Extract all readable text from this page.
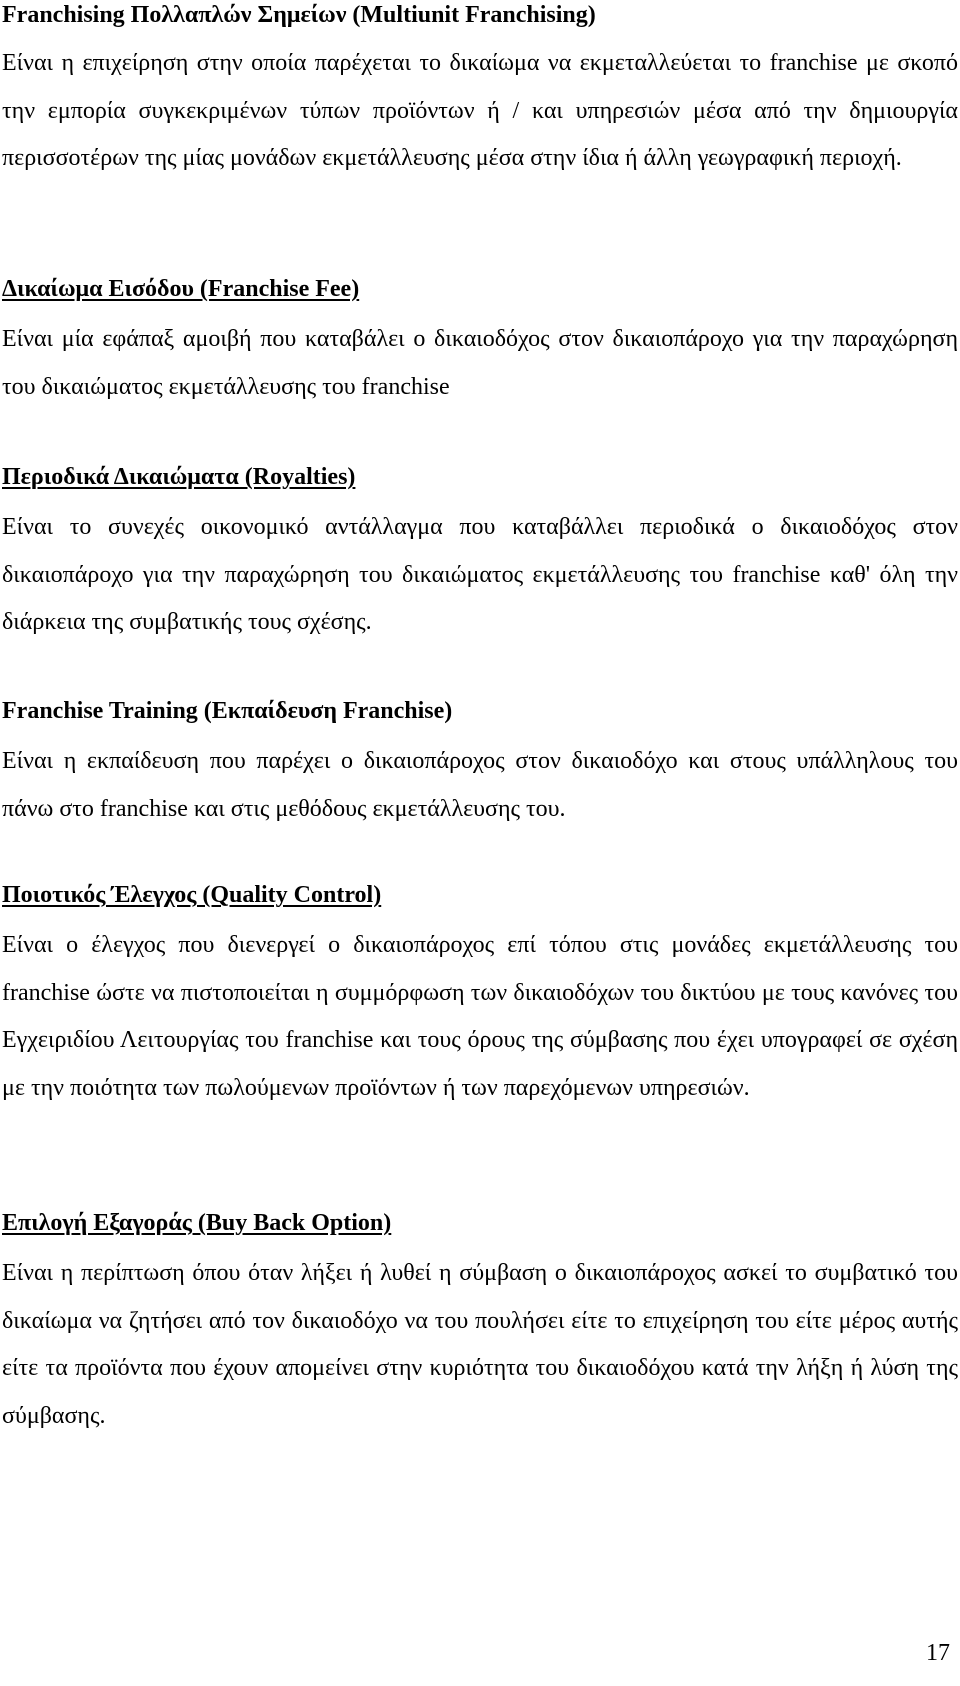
Franchising Πολλαπλών Σημείων (Multiunit Franchising)

Είναι η επιχείρηση στην οποία παρέχεται το δικαίωμα να εκμεταλλεύεται το franchise με σκοπό την εμπορία συγκεκριμένων τύπων προϊόντων ή / και υπηρεσιών μέσα από την δημιουργία περισσοτέρων της μίας μονάδων εκμετάλλευσης μέσα στην ίδια ή άλλη γεωγραφική περιοχή.

Δικαίωμα Εισόδου (Franchise Fee)

Είναι μία εφάπαξ αμοιβή που καταβάλει ο δικαιοδόχος στον δικαιοπάροχο για την παραχώρηση του δικαιώματος εκμετάλλευσης του franchise

Περιοδικά Δικαιώματα (Royalties)

Είναι το συνεχές οικονομικό αντάλλαγμα που καταβάλλει περιοδικά ο δικαιοδόχος στον δικαιοπάροχο για την παραχώρηση του δικαιώματος εκμετάλλευσης του franchise καθ' όλη την διάρκεια της συμβατικής τους σχέσης.

Franchise Training (Εκπαίδευση Franchise)

Είναι η εκπαίδευση που παρέχει ο δικαιοπάροχος στον δικαιοδόχο και στους υπάλληλους του πάνω στο franchise και στις μεθόδους εκμετάλλευσης του.

Ποιοτικός Έλεγχος (Quality Control)

Είναι ο έλεγχος που διενεργεί ο δικαιοπάροχος επί τόπου στις μονάδες εκμετάλλευσης του franchise ώστε να πιστοποιείται η συμμόρφωση των δικαιοδόχων του δικτύου με τους κανόνες του Εγχειριδίου Λειτουργίας του franchise και τους όρους της σύμβασης που έχει υπογραφεί σε σχέση με την ποιότητα των πωλούμενων προϊόντων ή των παρεχόμενων υπηρεσιών.

Επιλογή Εξαγοράς (Buy Back Option)

Είναι η περίπτωση όπου όταν λήξει ή λυθεί η σύμβαση ο δικαιοπάροχος ασκεί το συμβατικό του δικαίωμα να ζητήσει από τον δικαιοδόχο να του πουλήσει είτε το επιχείρηση του είτε μέρος αυτής είτε τα προϊόντα που έχουν απομείνει στην κυριότητα του δικαιοδόχου κατά την λήξη ή λύση της σύμβασης.

17
